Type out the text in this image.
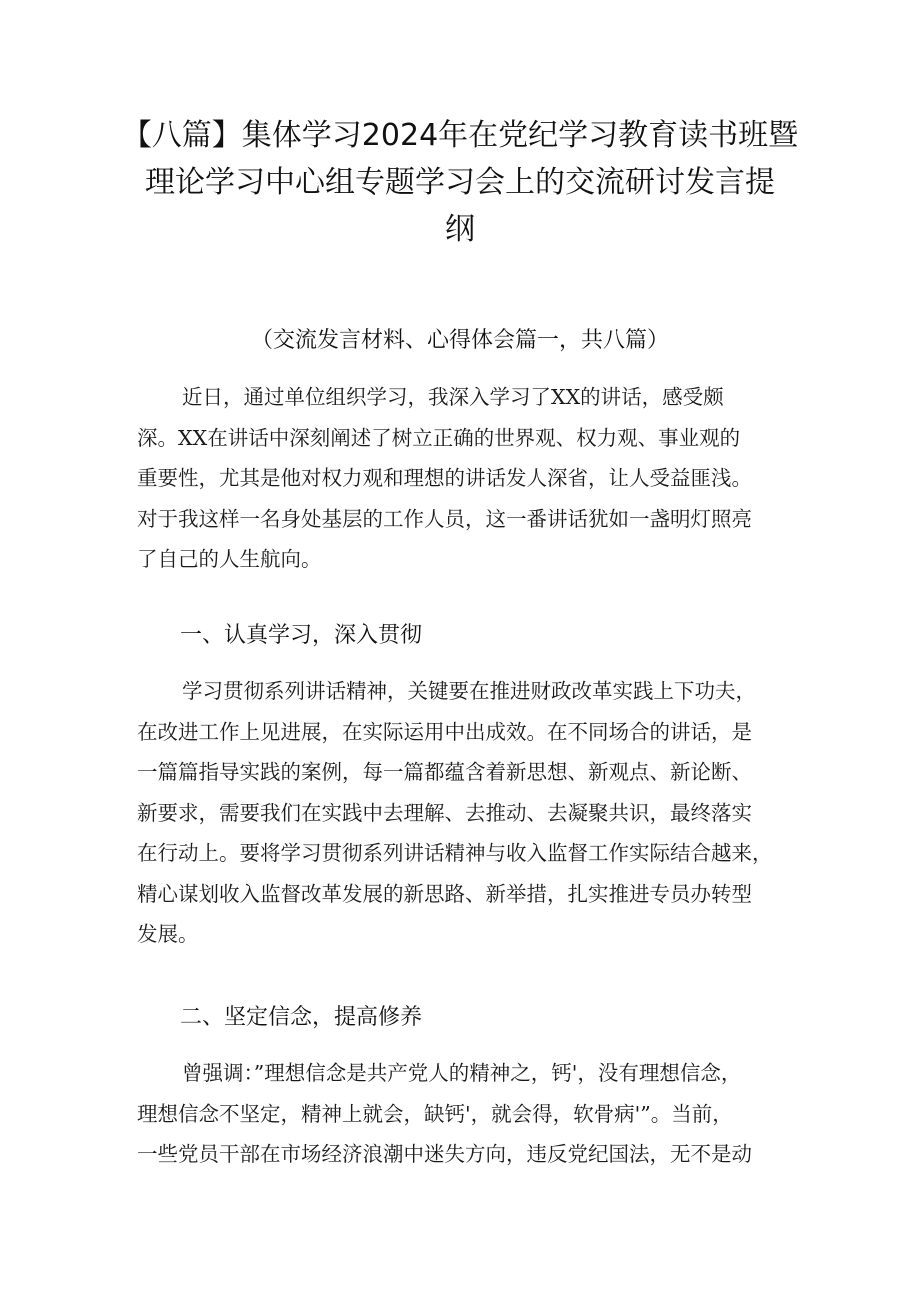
【八篇】集体学习2024年在党纪学习教育读书班暨
理论学习中心组专题学习会上的交流研讨发言提
纲
（交流发言材料、心得体会篇一，共八篇）
近日，通过单位组织学习，我深入学习了XX的讲话，感受颇
深。XX在讲话中深刻阐述了树立正确的世界观、权力观、事业观的
重要性，尤其是他对权力观和理想的讲话发人深省，让人受益匪浅。
对于我这样一名身处基层的工作人员，这一番讲话犹如一盏明灯照亮
了自己的人生航向。
一、认真学习，深入贯彻
学习贯彻系列讲话精神，关键要在推进财政改革实践上下功夫，
在改进工作上见进展，在实际运用中出成效。在不同场合的讲话，是
一篇篇指导实践的案例，每一篇都蕴含着新思想、新观点、新论断、
新要求，需要我们在实践中去理解、去推动、去凝聚共识，最终落实
在行动上。要将学习贯彻系列讲话精神与收入监督工作实际结合越来，
精心谋划收入监督改革发展的新思路、新举措，扎实推进专员办转型
发展。
二、坚定信念，提高修养
曾强调：”理想信念是共产党人的精神之，钙'，没有理想信念，
理想信念不坚定，精神上就会，缺钙'，就会得，软骨病'”。当前，
一些党员干部在市场经济浪潮中迷失方向，违反党纪国法，无不是动
